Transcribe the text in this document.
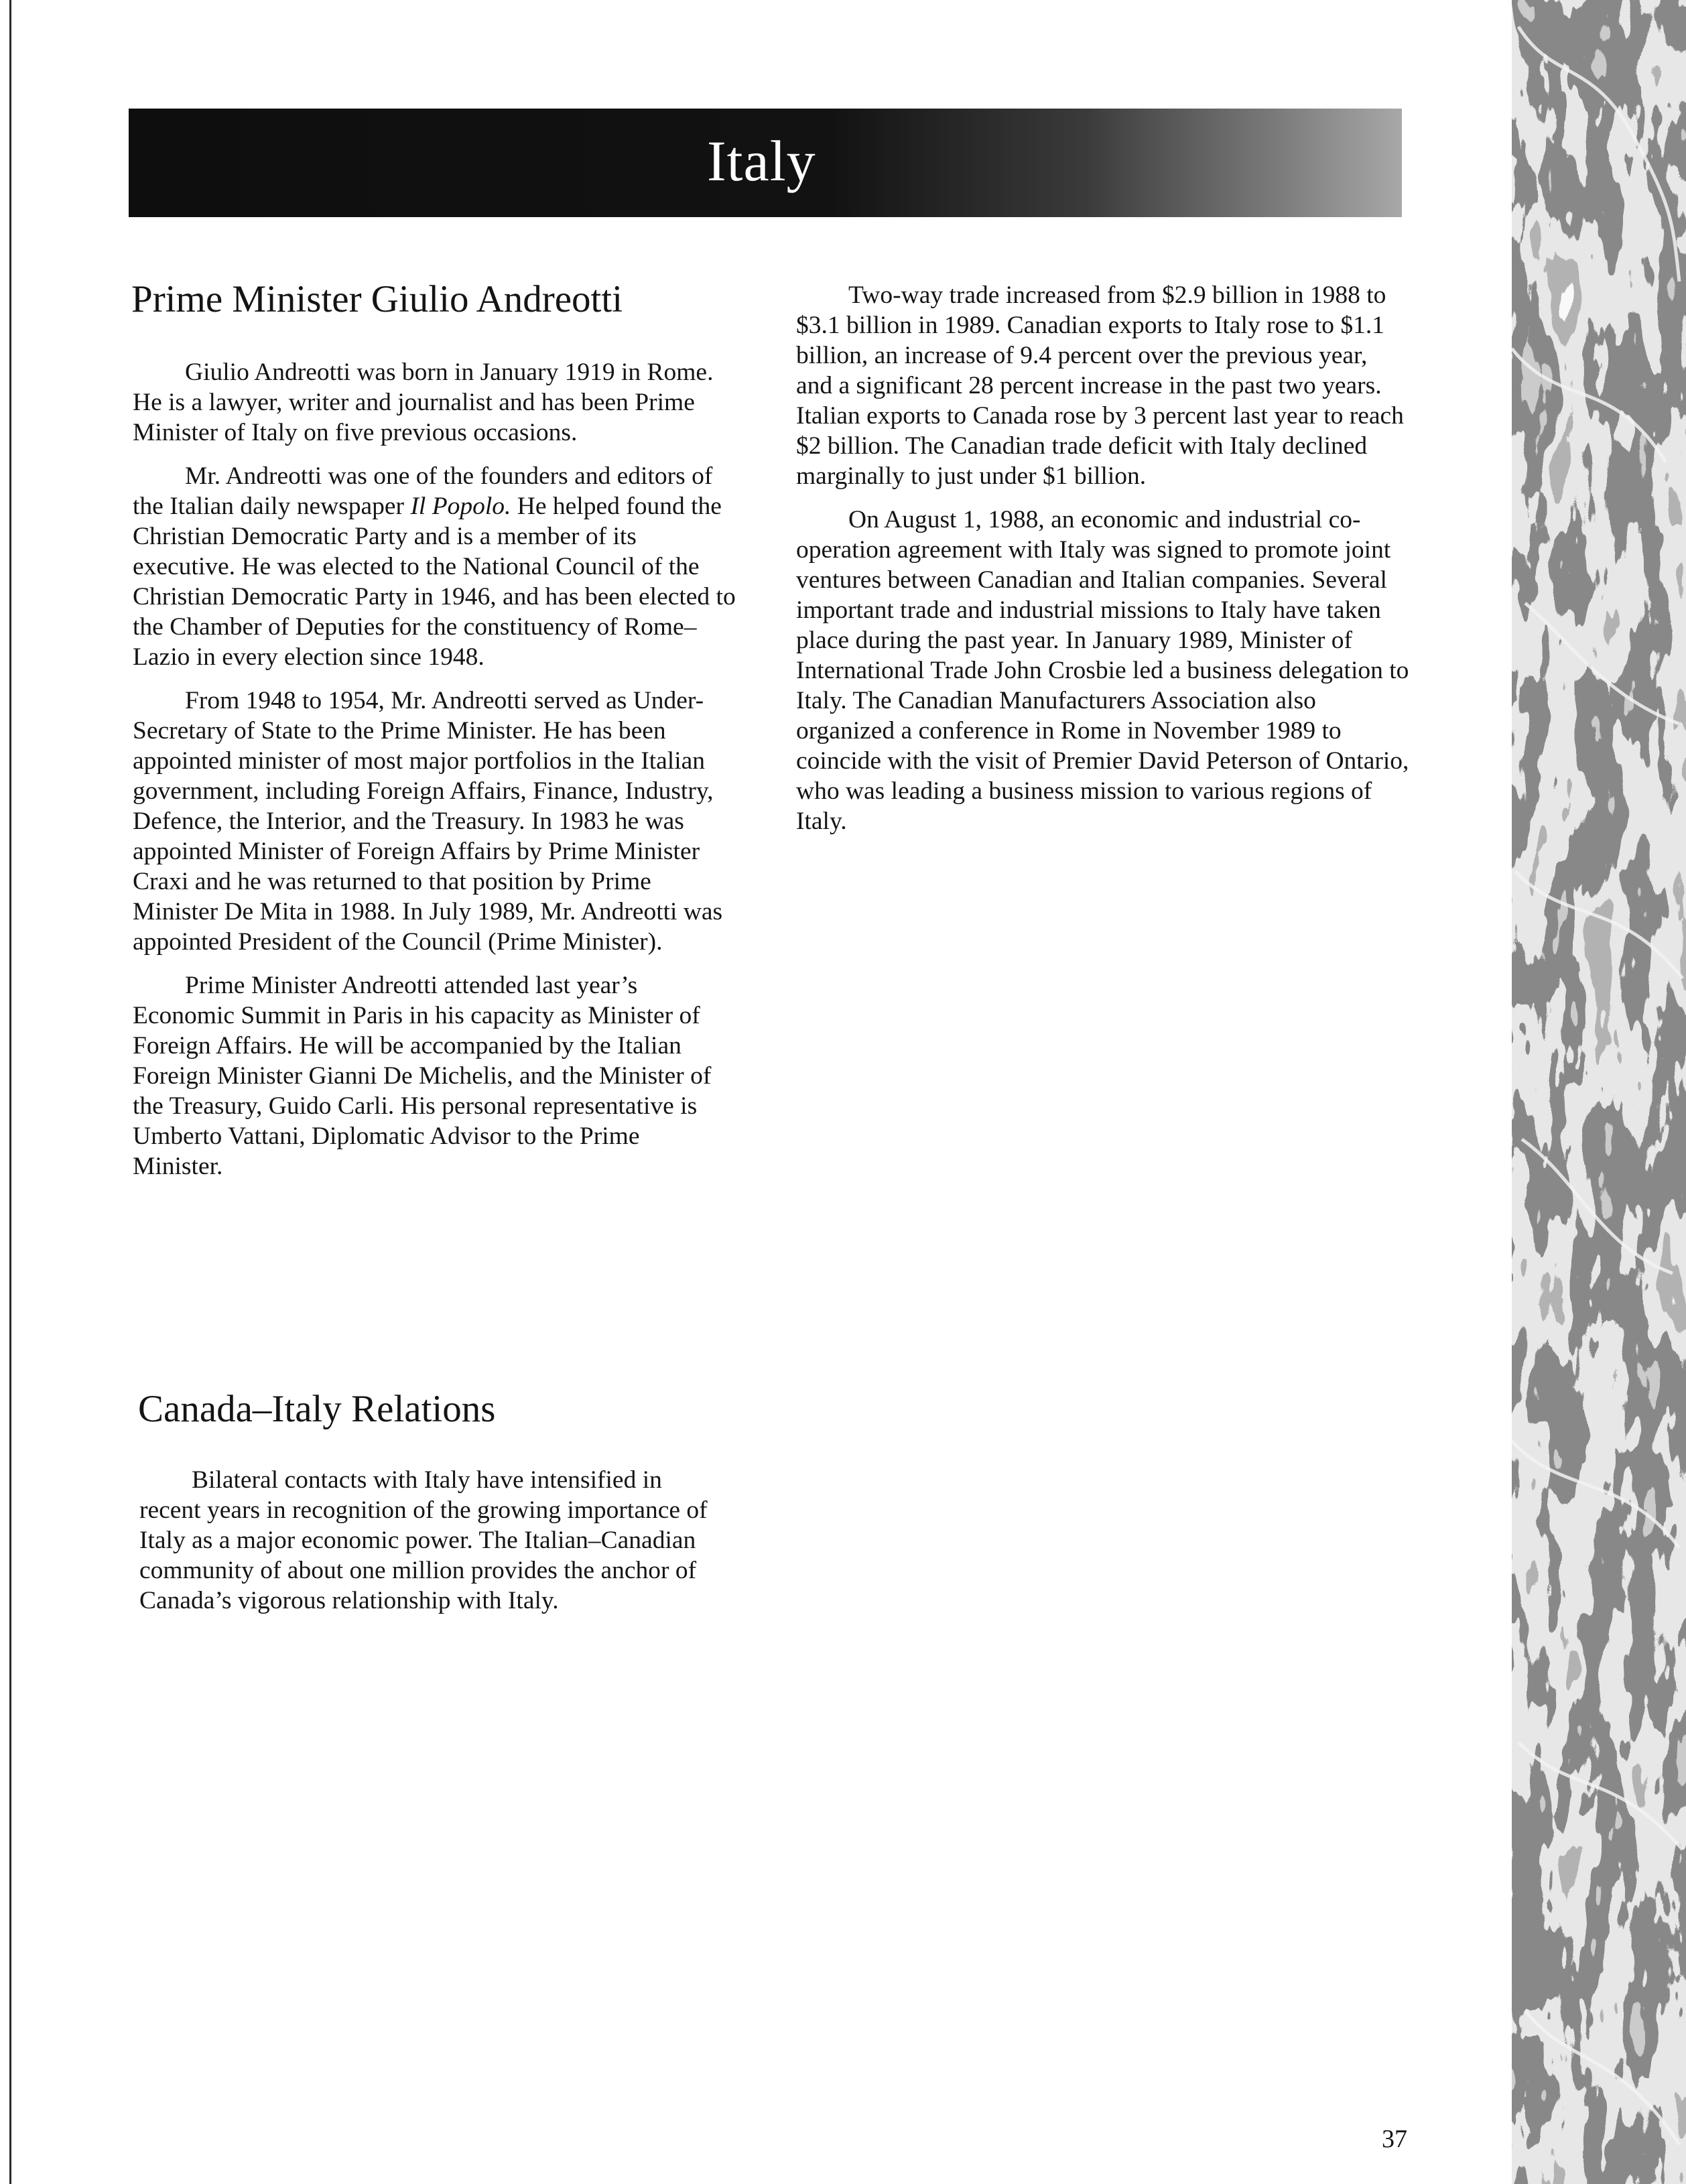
Italy
Prime Minister Giulio Andreotti

Giulio Andreotti was born in January 1919 in Rome. He is a lawyer, writer and journalist and has been Prime Minister of Italy on five previous occasions.

Mr. Andreotti was one of the founders and editors of the Italian daily newspaper Il Popolo. He helped found the Christian Democratic Party and is a member of its executive. He was elected to the National Council of the Christian Democratic Party in 1946, and has been elected to the Chamber of Deputies for the constituency of Rome–Lazio in every election since 1948.

From 1948 to 1954, Mr. Andreotti served as Under-Secretary of State to the Prime Minister. He has been appointed minister of most major portfolios in the Italian government, including Foreign Affairs, Finance, Industry, Defence, the Interior, and the Treasury. In 1983 he was appointed Minister of Foreign Affairs by Prime Minister Craxi and he was returned to that position by Prime Minister De Mita in 1988. In July 1989, Mr. Andreotti was appointed President of the Council (Prime Minister).

Prime Minister Andreotti attended last year’s Economic Summit in Paris in his capacity as Minister of Foreign Affairs. He will be accompanied by the Italian Foreign Minister Gianni De Michelis, and the Minister of the Treasury, Guido Carli. His personal representative is Umberto Vattani, Diplomatic Advisor to the Prime Minister.

Canada–Italy Relations

Bilateral contacts with Italy have intensified in recent years in recognition of the growing importance of Italy as a major economic power. The Italian–Canadian community of about one million provides the anchor of Canada’s vigorous relationship with Italy.

Two-way trade increased from $2.9 billion in 1988 to $3.1 billion in 1989. Canadian exports to Italy rose to $1.1 billion, an increase of 9.4 percent over the previous year, and a significant 28 percent increase in the past two years. Italian exports to Canada rose by 3 percent last year to reach $2 billion. The Canadian trade deficit with Italy declined marginally to just under $1 billion.

On August 1, 1988, an economic and industrial co-operation agreement with Italy was signed to promote joint ventures between Canadian and Italian companies. Several important trade and industrial missions to Italy have taken place during the past year. In January 1989, Minister of International Trade John Crosbie led a business delegation to Italy. The Canadian Manufacturers Association also organized a conference in Rome in November 1989 to coincide with the visit of Premier David Peterson of Ontario, who was leading a business mission to various regions of Italy.

37
